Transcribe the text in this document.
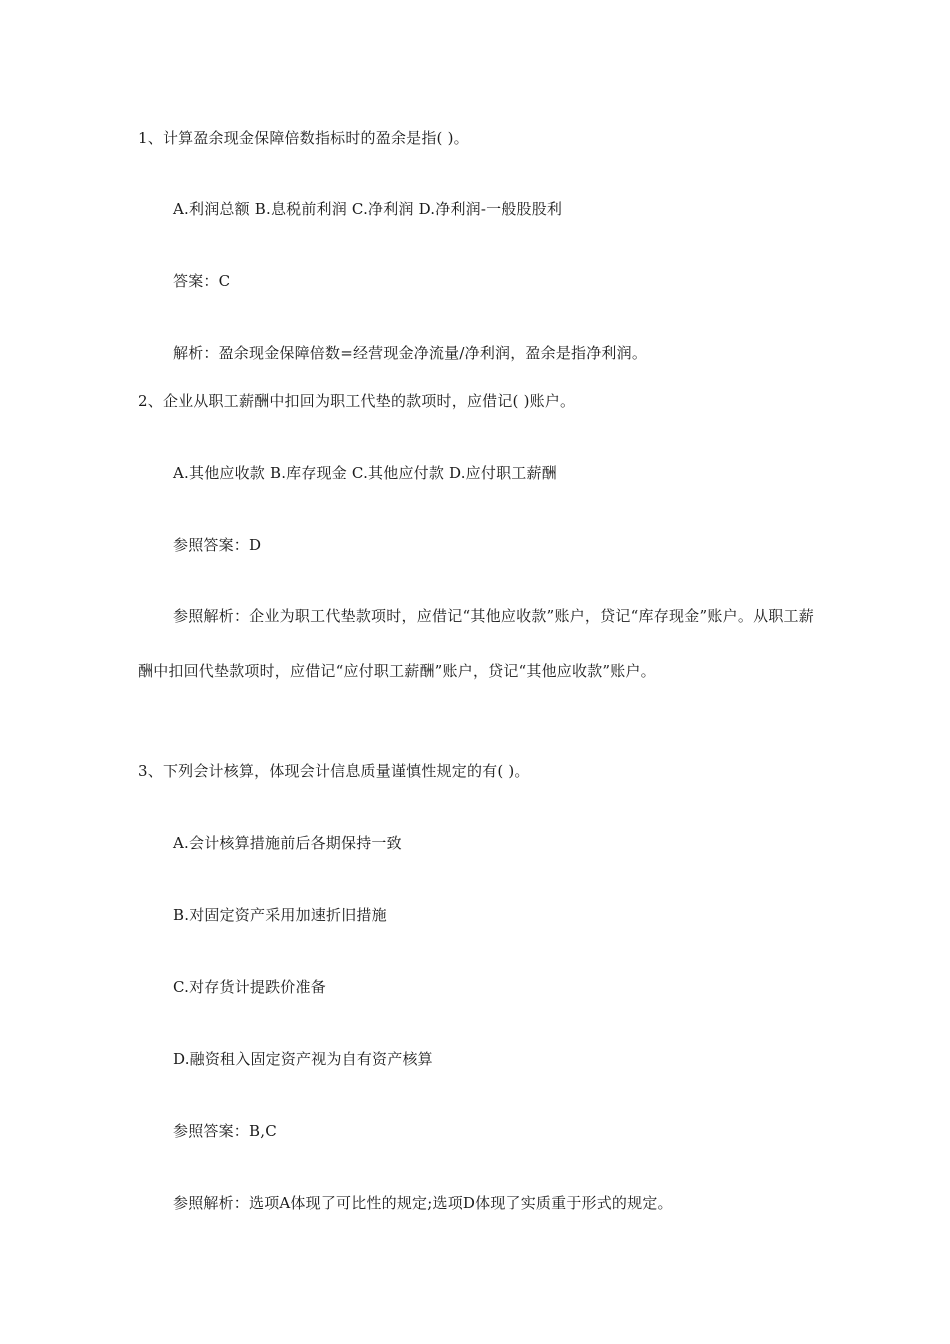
1、计算盈余现金保障倍数指标时的盈余是指( )。
A.利润总额 B.息税前利润 C.净利润 D.净利润-一般股股利
答案：C
解析：盈余现金保障倍数=经营现金净流量/净利润，盈余是指净利润。
2、企业从职工薪酬中扣回为职工代垫的款项时，应借记( )账户。
A.其他应收款 B.库存现金 C.其他应付款 D.应付职工薪酬
参照答案：D
参照解析：企业为职工代垫款项时，应借记“其他应收款”账户，贷记“库存现金”账户。从职工薪酬中扣回代垫款项时，应借记“应付职工薪酬”账户，贷记“其他应收款”账户。
3、下列会计核算，体现会计信息质量谨慎性规定的有( )。
A.会计核算措施前后各期保持一致
B.对固定资产采用加速折旧措施
C.对存货计提跌价准备
D.融资租入固定资产视为自有资产核算
参照答案：B,C
参照解析：选项A体现了可比性的规定;选项D体现了实质重于形式的规定。
